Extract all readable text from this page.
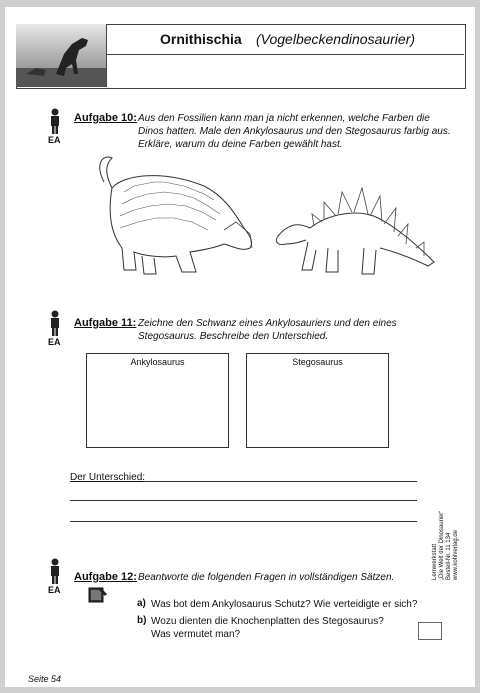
Ornithischia (Vogelbeckendinosaurier)
EA
Aufgabe 10: Aus den Fossilien kann man ja nicht erkennen, welche Farben die
Dinos hatten. Male den Ankylosaurus und den Stegosaurus farbig aus.
Erkläre, warum du deine Farben gewählt hast.
EA
Aufgabe 11: Zeichne den Schwanz eines Ankylosauriers und den eines
Stegosaurus. Beschreibe den Unterschied.
Ankylosaurus	Stegosaurus
Der Unterschied:
EA
Aufgabe 12: Beantworte die folgenden Fragen in vollständigen Sätzen.
a) Was bot dem Ankylosaurus Schutz? Wie verteidigte er sich?
b) Wozu dienten die Knochenplatten des Stegosaurus?
Was vermutet man?
Lernwerkstatt „Die Welt der Dinosaurier“ Bestell-Nr. 11 134 www.kohlverlag.de
Seite 54
